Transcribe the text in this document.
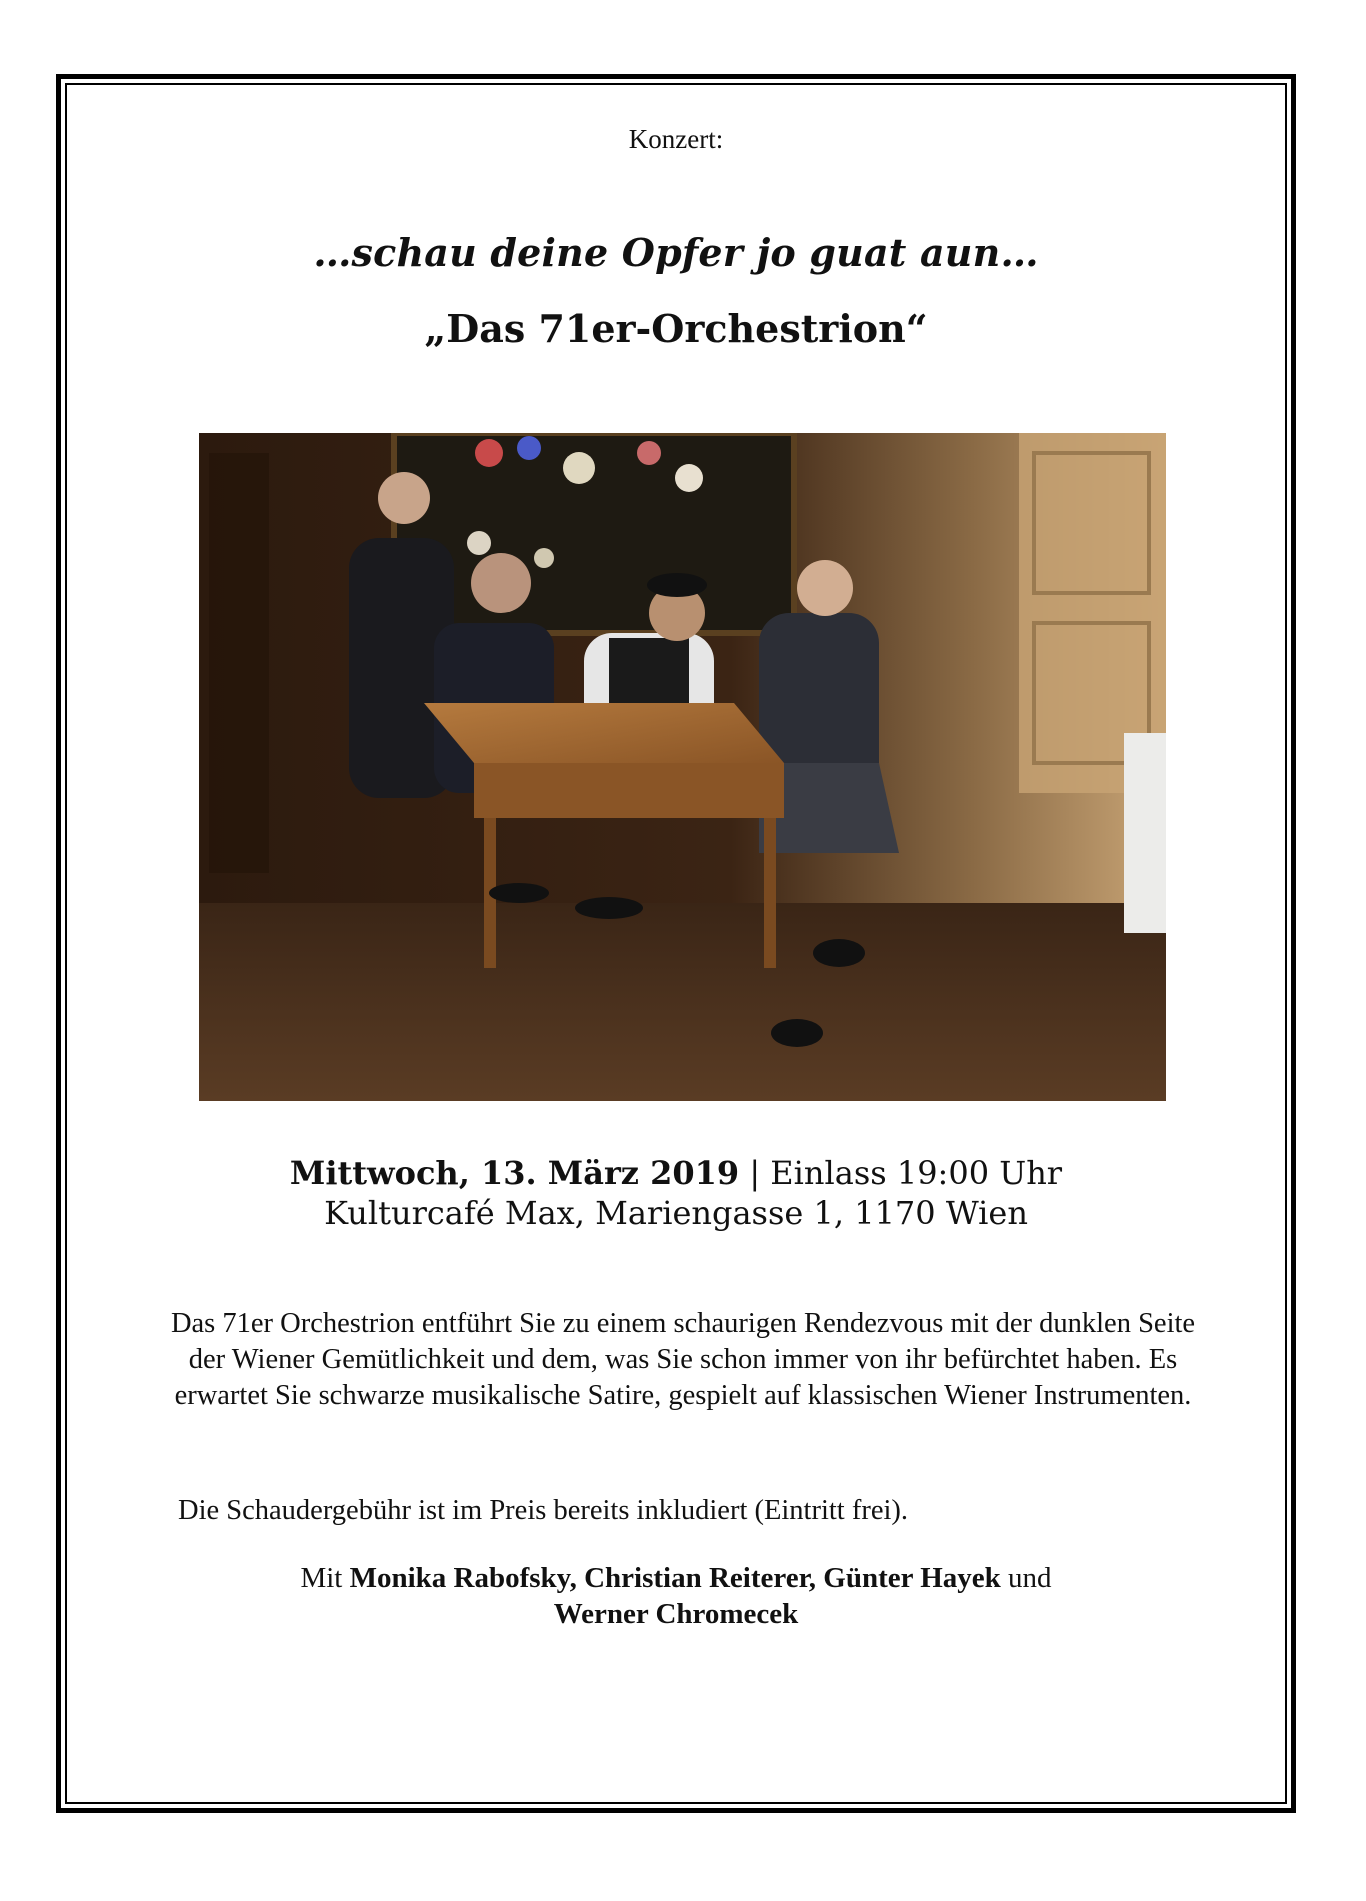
Konzert:
…schau deine Opfer jo guat aun…
„Das 71er-Orchestrion“
Mittwoch, 13. März 2019 | Einlass 19:00 Uhr
Kulturcafé Max, Mariengasse 1, 1170 Wien
Das 71er Orchestrion entführt Sie zu einem schaurigen Rendezvous mit der dunklen Seite der Wiener Gemütlichkeit und dem, was Sie schon immer von ihr befürchtet haben. Es erwartet Sie schwarze musikalische Satire, gespielt auf klassischen Wiener Instrumenten.
Die Schaudergebühr ist im Preis bereits inkludiert (Eintritt frei).
Mit Monika Rabofsky, Christian Reiterer, Günter Hayek und
Werner Chromecek
